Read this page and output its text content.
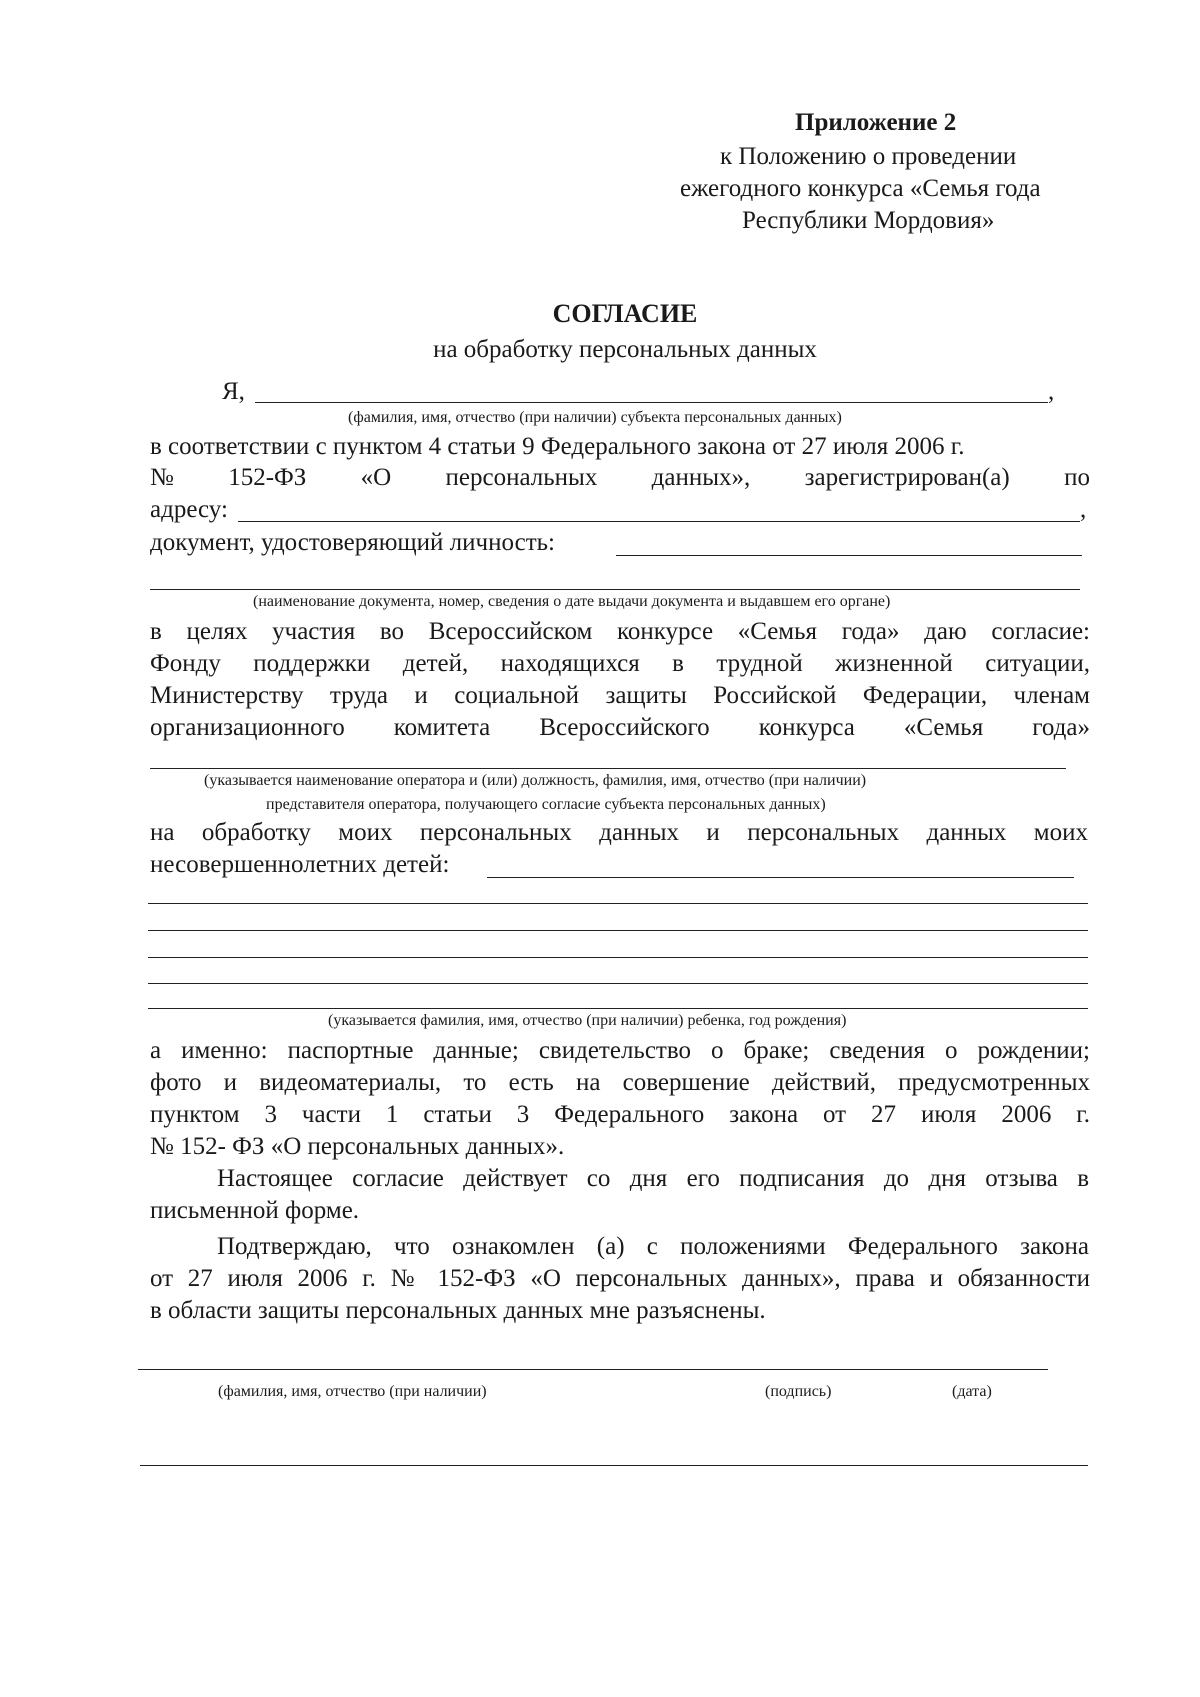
Приложение 2
к Положению о проведении
ежегодного конкурса «Семья года
Республики Мордовия»
СОГЛАСИЕ
на обработку персональных данных
Я,	,
(фамилия, имя, отчество (при наличии) субъекта персональных данных)
в соответствии с пунктом 4 статьи 9 Федерального закона от 27 июля 2006 г.
№ 152-ФЗ «О персональных данных», зарегистрирован(а) по
адресу:	,
документ, удостоверяющий личность:
(наименование документа, номер, сведения о дате выдачи документа и выдавшем его органе)
в целях участия во Всероссийском конкурсе «Семья года» даю согласие:
Фонду поддержки детей, находящихся в трудной жизненной ситуации,
Министерству труда и социальной защиты Российской Федерации, членам
организационного комитета Всероссийского конкурса «Семья года»
(указывается наименование оператора и (или) должность, фамилия, имя, отчество (при наличии)
представителя оператора, получающего согласие субъекта персональных данных)
на обработку моих персональных данных и персональных данных моих
несовершеннолетних детей:
(указывается фамилия, имя, отчество (при наличии) ребенка, год рождения)
а именно: паспортные данные; свидетельство о браке; сведения о рождении;
фото и видеоматериалы, то есть на совершение действий, предусмотренных
пунктом 3 части 1 статьи 3 Федерального закона от 27 июля 2006 г.
№ 152- ФЗ «О персональных данных».
Настоящее согласие действует со дня его подписания до дня отзыва в
письменной форме.
Подтверждаю, что ознакомлен (а) с положениями Федерального закона
от 27 июля 2006 г. № 152-ФЗ «О персональных данных», права и обязанности
в области защиты персональных данных мне разъяснены.
(фамилия, имя, отчество (при наличии)	(подпись)	(дата)
